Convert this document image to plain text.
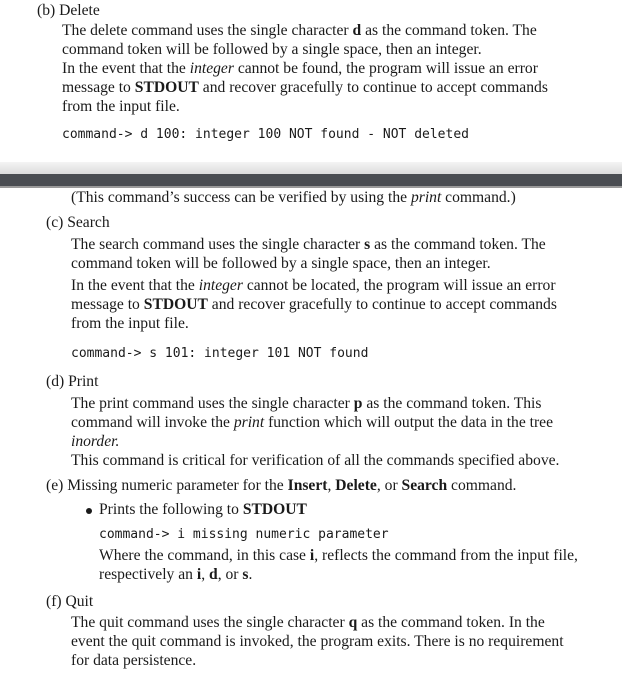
(b) Delete
The delete command uses the single character d as the command token. The
command token will be followed by a single space, then an integer.
In the event that the integer cannot be found, the program will issue an error
message to STDOUT and recover gracefully to continue to accept commands
from the input file.
command-> d 100: integer 100 NOT found - NOT deleted
(This command’s success can be verified by using the print command.)
(c) Search
The search command uses the single character s as the command token. The
command token will be followed by a single space, then an integer.
In the event that the integer cannot be located, the program will issue an error
message to STDOUT and recover gracefully to continue to accept commands
from the input file.
command-> s 101: integer 101 NOT found
(d) Print
The print command uses the single character p as the command token. This
command will invoke the print function which will output the data in the tree
inorder.
This command is critical for verification of all the commands specified above.
(e) Missing numeric parameter for the Insert, Delete, or Search command.
Prints the following to STDOUT
command-> i missing numeric parameter
Where the command, in this case i, reflects the command from the input file,
respectively an i, d, or s.
(f) Quit
The quit command uses the single character q as the command token. In the
event the quit command is invoked, the program exits. There is no requirement
for data persistence.
